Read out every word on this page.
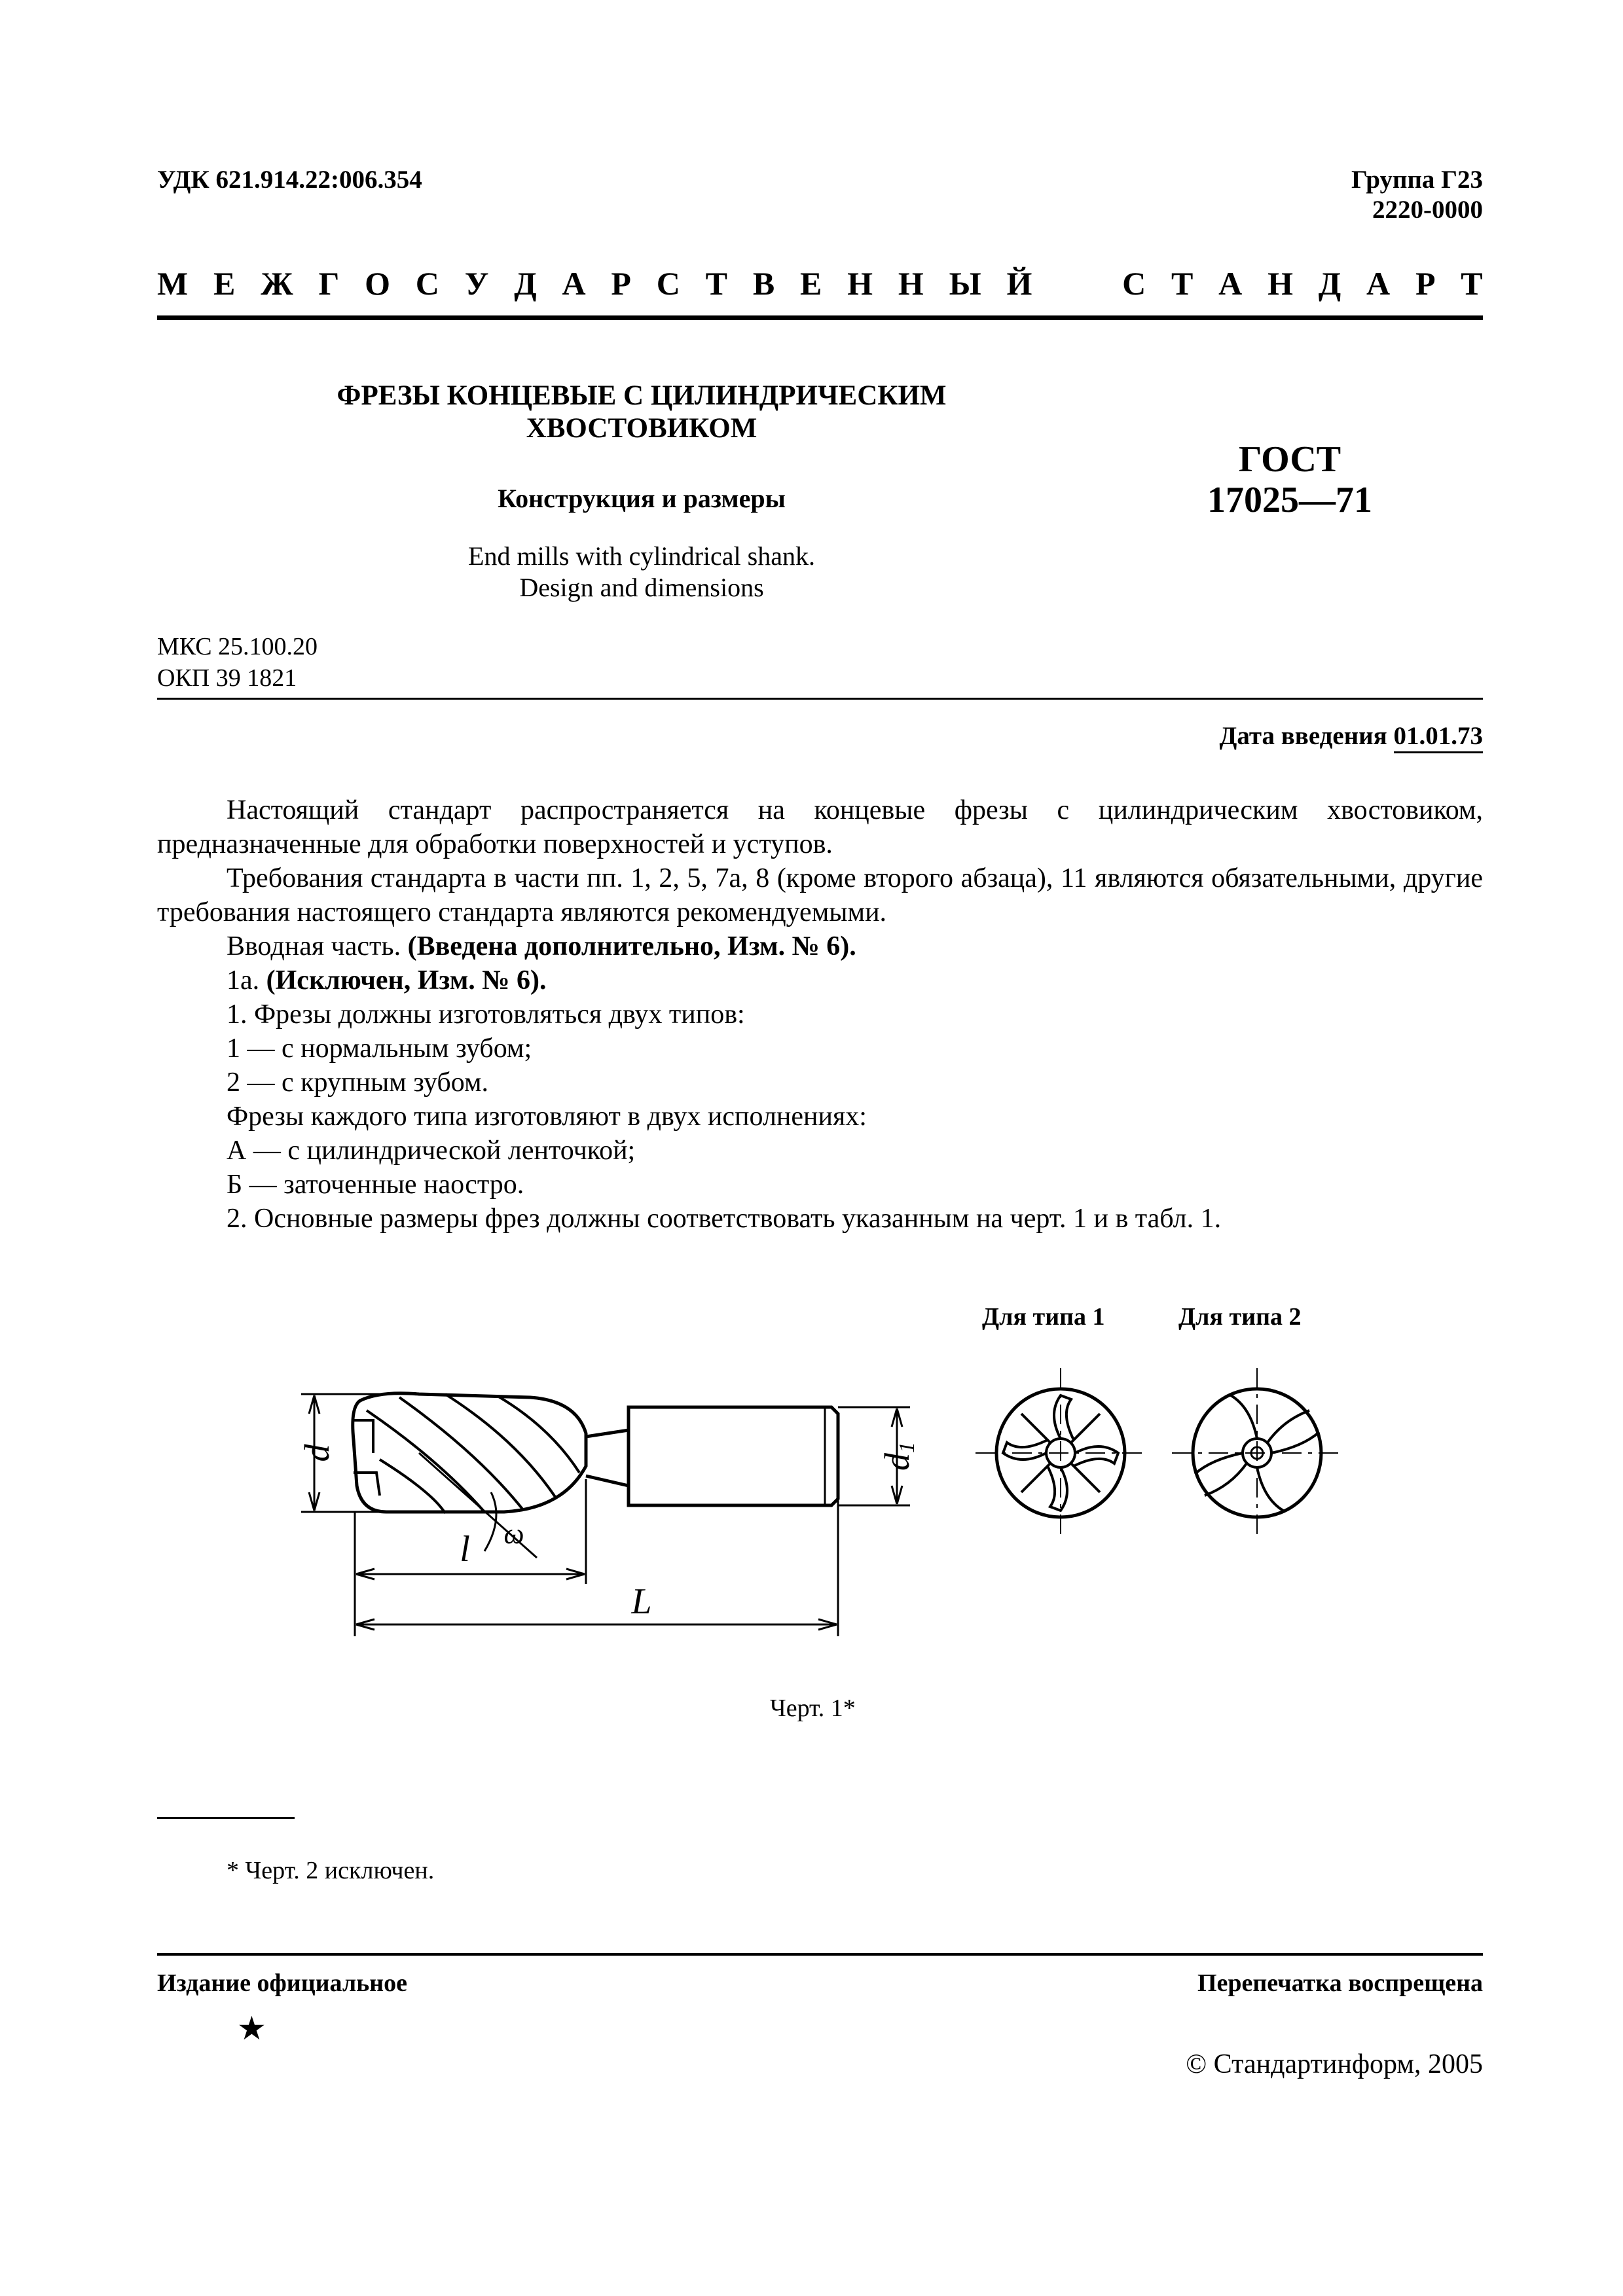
УДК 621.914.22:006.354	Группа Г23
2220-0000
М Е Ж Г О С У Д А Р С Т В Е Н Н Ы Й	С Т А Н Д А Р Т
ФРЕЗЫ КОНЦЕВЫЕ С ЦИЛИНДРИЧЕСКИМ
ХВОСТОВИКОМ
Конструкция и размеры
End mills with cylindrical shank.
Design and dimensions
ГОСТ
17025—71
МКС 25.100.20
ОКП 39 1821
Дата введения 01.01.73
Настоящий стандарт распространяется на концевые фрезы с цилиндрическим хвостовиком, предназначенные для обработки поверхностей и уступов.
Требования стандарта в части пп. 1, 2, 5, 7а, 8 (кроме второго абзаца), 11 являются обязательными, другие требования настоящего стандарта являются рекомендуемыми.
Вводная часть. (Введена дополнительно, Изм. № 6).
1а. (Исключен, Изм. № 6).
1. Фрезы должны изготовляться двух типов:
1 — с нормальным зубом;
2 — с крупным зубом.
Фрезы каждого типа изготовляют в двух исполнениях:
А — с цилиндрической ленточкой;
Б — заточенные наостро.
2. Основные размеры фрез должны соответствовать указанным на черт. 1 и в табл. 1.
Для типа 1	Для типа 2
d	d1
l
L
ω
Черт. 1*
* Черт. 2 исключен.
Издание официальное	Перепечатка воспрещена
★
© Стандартинформ, 2005
